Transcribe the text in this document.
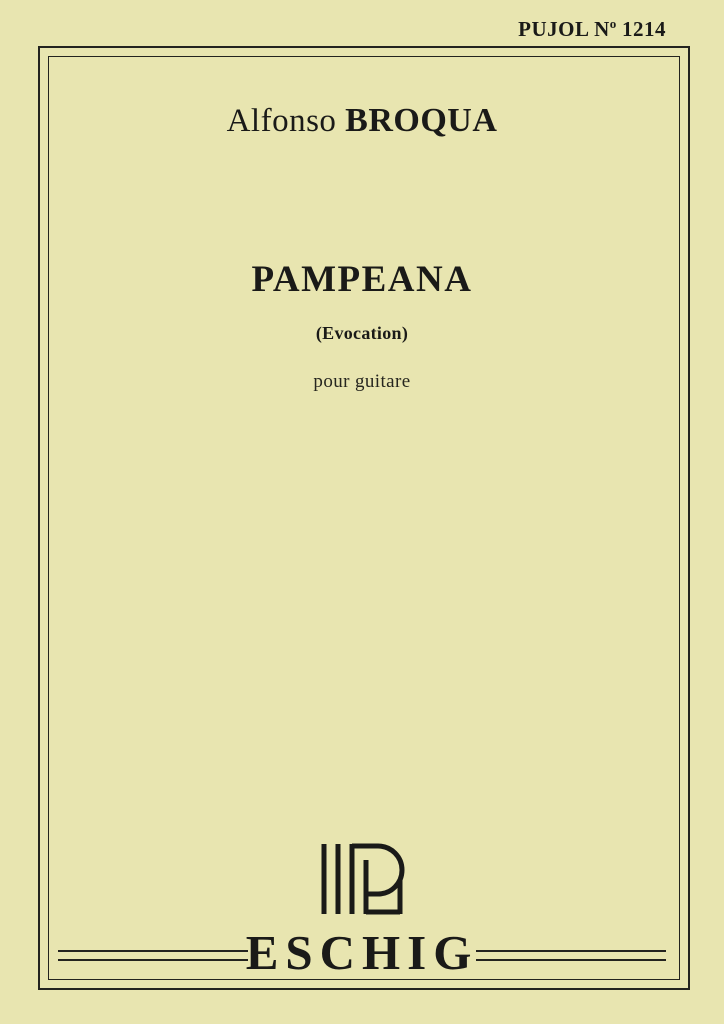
PUJOL $N^o$ 1214

Alfonso BROQUA

PAMPEANA

(Evocation)

pour guitare

ESCHIG
